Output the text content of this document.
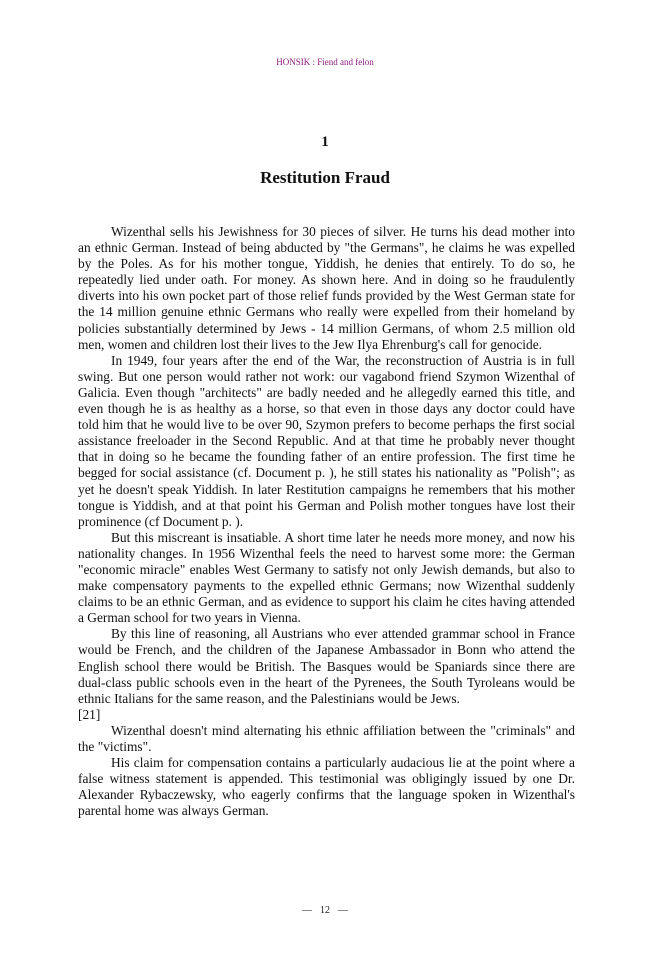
HONSIK : Fiend and felon
1
Restitution Fraud

Wizenthal sells his Jewishness for 30 pieces of silver. He turns his dead mother into an ethnic German. Instead of being abducted by "the Germans", he claims he was expelled by the Poles. As for his mother tongue, Yiddish, he denies that entirely. To do so, he repeatedly lied under oath. For money. As shown here. And in doing so he fraudulently diverts into his own pocket part of those relief funds provided by the West German state for the 14 million genuine ethnic Germans who really were expelled from their homeland by policies substantially determined by Jews - 14 million Germans, of whom 2.5 million old men, women and children lost their lives to the Jew Ilya Ehrenburg's call for genocide.

In 1949, four years after the end of the War, the reconstruction of Austria is in full swing. But one person would rather not work: our vagabond friend Szymon Wizenthal of Galicia. Even though "architects" are badly needed and he allegedly earned this title, and even though he is as healthy as a horse, so that even in those days any doctor could have told him that he would live to be over 90, Szymon prefers to become perhaps the first social assistance freeloader in the Second Republic. And at that time he probably never thought that in doing so he became the founding father of an entire profession. The first time he begged for social assistance (cf. Document p. ), he still states his nationality as "Polish"; as yet he doesn't speak Yiddish. In later Restitution campaigns he remembers that his mother tongue is Yiddish, and at that point his German and Polish mother tongues have lost their prominence (cf Document p. ).

But this miscreant is insatiable. A short time later he needs more money, and now his nationality changes. In 1956 Wizenthal feels the need to harvest some more: the German "economic miracle" enables West Germany to satisfy not only Jewish demands, but also to make compensatory payments to the expelled ethnic Germans; now Wizenthal suddenly claims to be an ethnic German, and as evidence to support his claim he cites having attended a German school for two years in Vienna.

By this line of reasoning, all Austrians who ever attended grammar school in France would be French, and the children of the Japanese Ambassador in Bonn who attend the English school there would be British. The Basques would be Spaniards since there are dual-class public schools even in the heart of the Pyrenees, the South Tyroleans would be ethnic Italians for the same reason, and the Palestinians would be Jews.

[21]

Wizenthal doesn't mind alternating his ethnic affiliation between the "criminals" and the "victims".

His claim for compensation contains a particularly audacious lie at the point where a false witness statement is appended. This testimonial was obligingly issued by one Dr. Alexander Rybaczewsky, who eagerly confirms that the language spoken in Wizenthal's parental home was always German.

— 12 —
